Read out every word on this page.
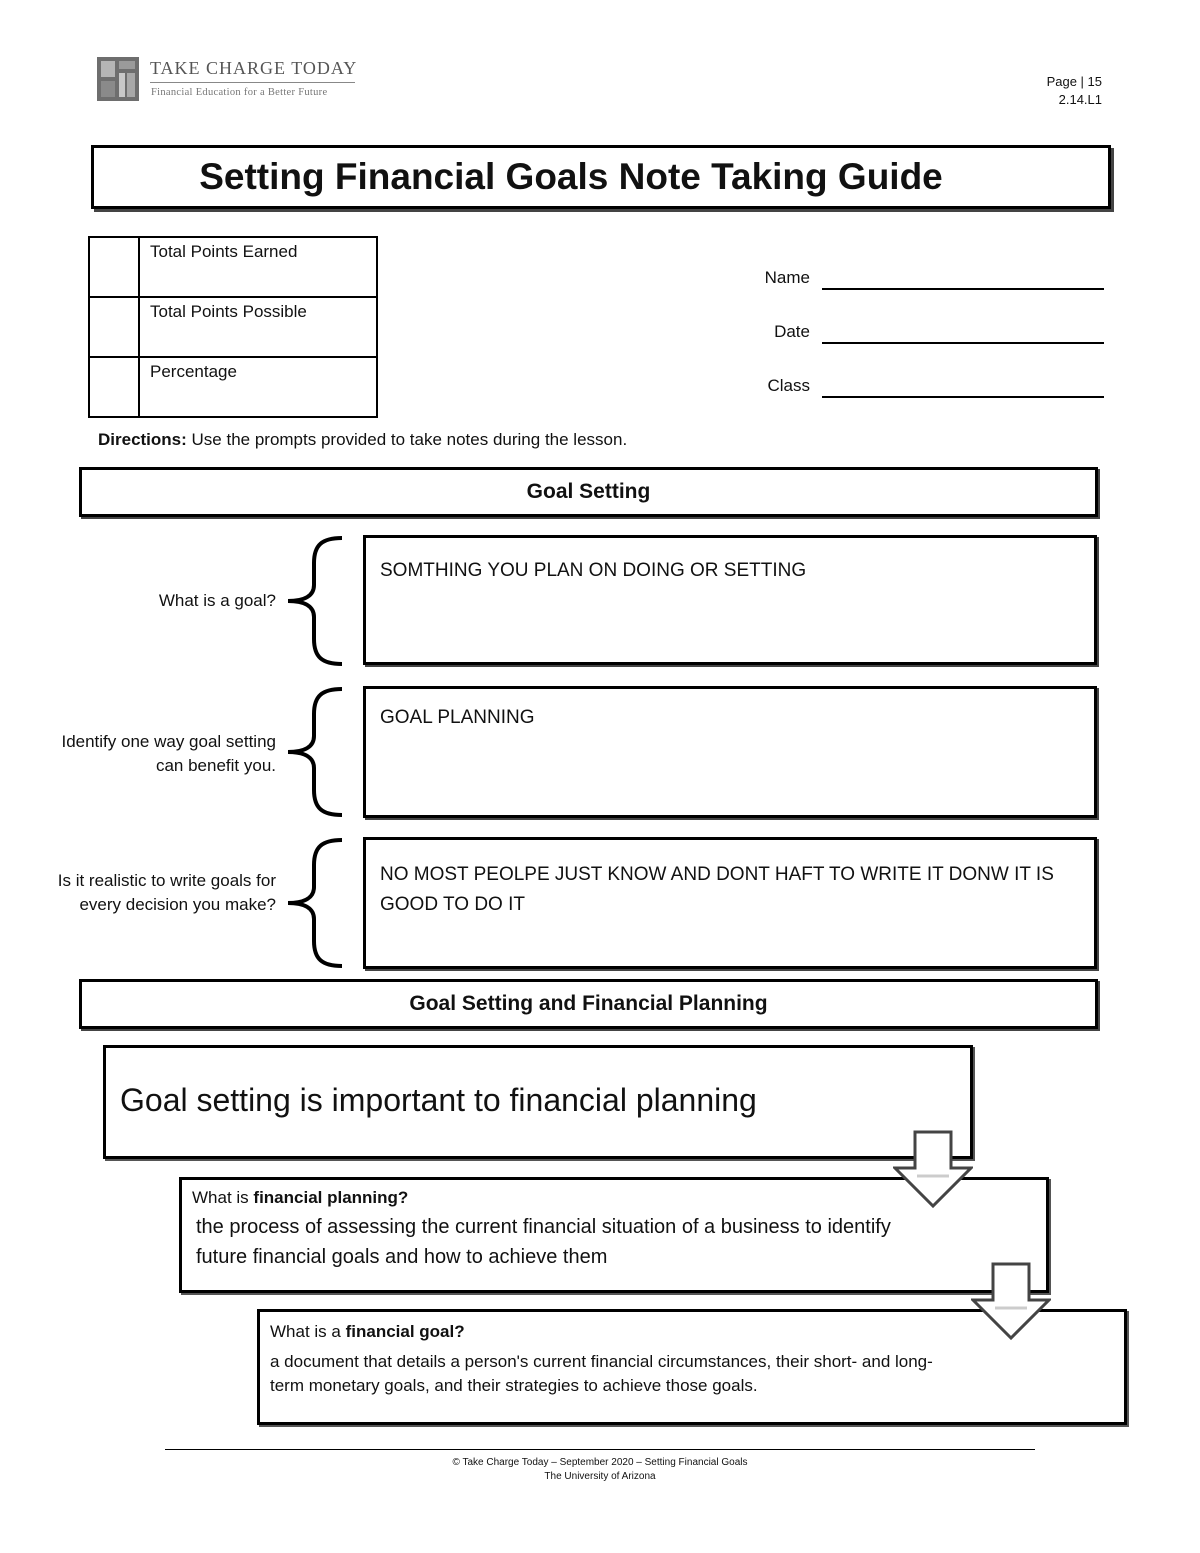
TAKE CHARGE TODAY
Financial Education for a Better Future
Page | 15
2.14.L1
Setting Financial Goals Note Taking Guide
	Total Points Earned
	Total Points Possible
	Percentage
Name
Date
Class
Directions: Use the prompts provided to take notes during the lesson.
Goal Setting
What is a goal?
SOMTHING YOU PLAN ON DOING OR SETTING
Identify one way goal setting can benefit you.
GOAL PLANNING
Is it realistic to write goals for every decision you make?
NO MOST PEOLPE JUST KNOW AND DONT HAFT TO WRITE IT DONW IT IS GOOD TO DO IT
Goal Setting and Financial Planning
Goal setting is important to financial planning
What is financial planning?
the process of assessing the current financial situation of a business to identify future financial goals and how to achieve them
What is a financial goal?
a document that details a person's current financial circumstances, their short- and long-term monetary goals, and their strategies to achieve those goals.
© Take Charge Today – September 2020 – Setting Financial Goals
The University of Arizona
